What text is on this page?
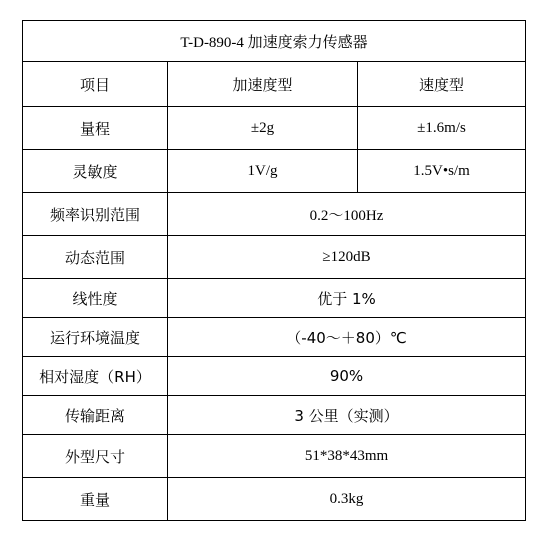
T-D-890-4 加速度索力传感器		
项目	加速度型	速度型
量程	±2g	±1.6m/s
灵敏度	1V/g	1.5V•s/m
频率识别范围	0.2～100Hz	
动态范围	≥120dB	
线性度	优于 1%	
运行环境温度	（-40～＋80）℃	
相对湿度（RH）	90%	
传输距离	3 公里（实测）	
外型尺寸	51*38*43mm	
重量	0.3kg	
